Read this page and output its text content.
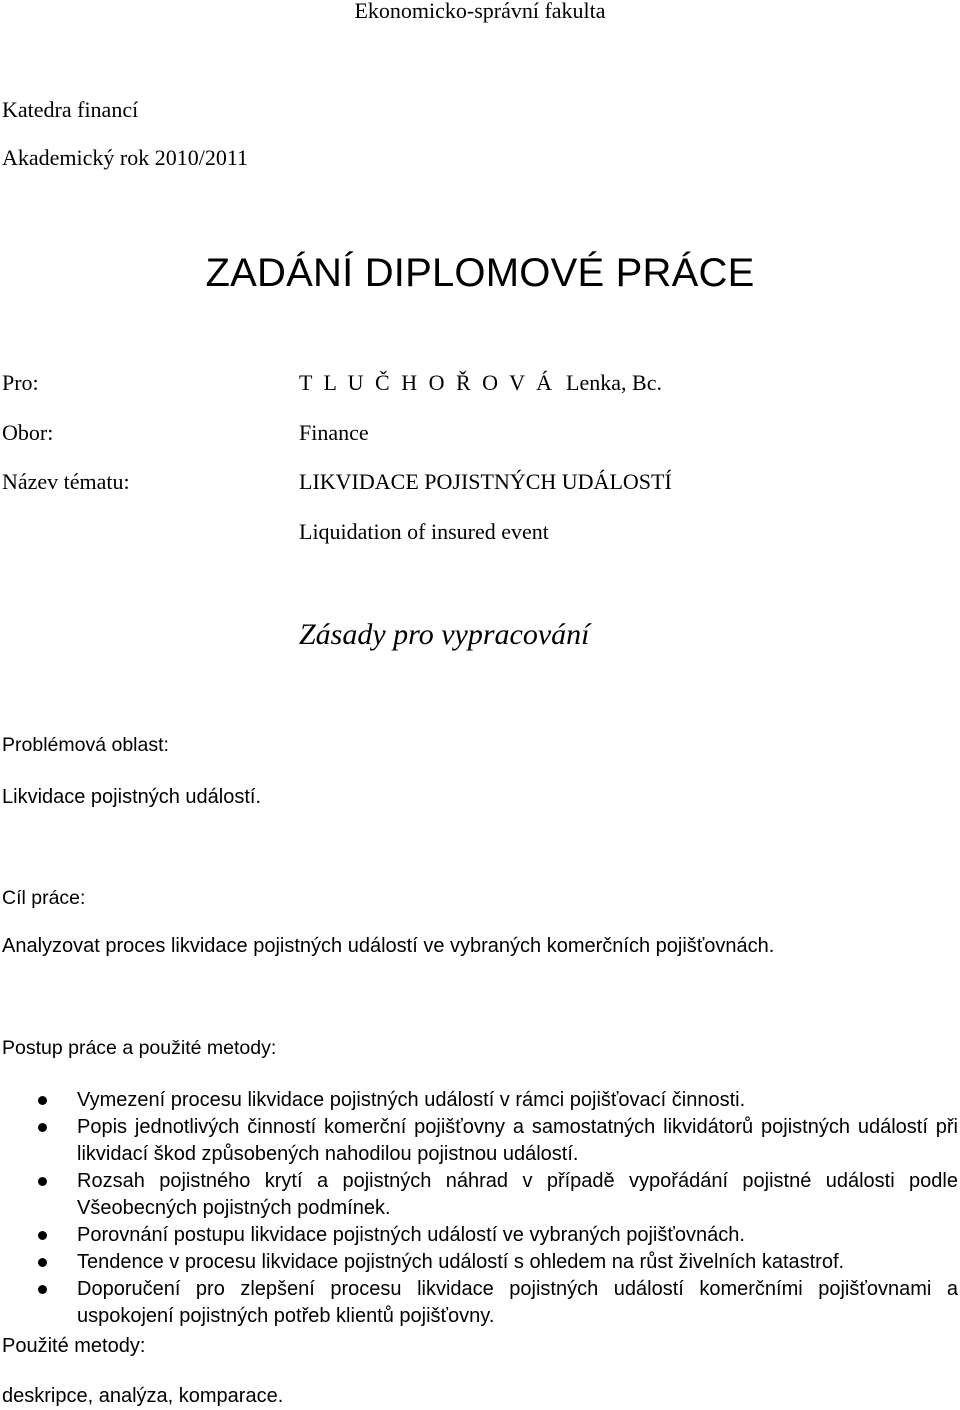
Ekonomicko-správní fakulta
Katedra financí
Akademický rok 2010/2011
ZADÁNÍ DIPLOMOVÉ PRÁCE
Pro:	T L U Č H O Ř O V Á Lenka, Bc.
Obor:	Finance
Název tématu:	LIKVIDACE POJISTNÝCH UDÁLOSTÍ
Liquidation of insured event
Zásady pro vypracování
Problémová oblast:
Likvidace pojistných událostí.
Cíl práce:
Analyzovat proces likvidace pojistných událostí ve vybraných komerčních pojišťovnách.
Postup práce a použité metody:
Vymezení procesu likvidace pojistných událostí v rámci pojišťovací činnosti.
Popis jednotlivých činností komerční pojišťovny a samostatných likvidátorů pojistných událostí při likvidací škod způsobených nahodilou pojistnou událostí.
Rozsah pojistného krytí a pojistných náhrad v případě vypořádání pojistné události podle Všeobecných pojistných podmínek.
Porovnání postupu likvidace pojistných událostí ve vybraných pojišťovnách.
Tendence v procesu likvidace pojistných událostí s ohledem na růst živelních katastrof.
Doporučení pro zlepšení procesu likvidace pojistných událostí komerčními pojišťovnami a uspokojení pojistných potřeb klientů pojišťovny.
Použité metody:
deskripce, analýza, komparace.
